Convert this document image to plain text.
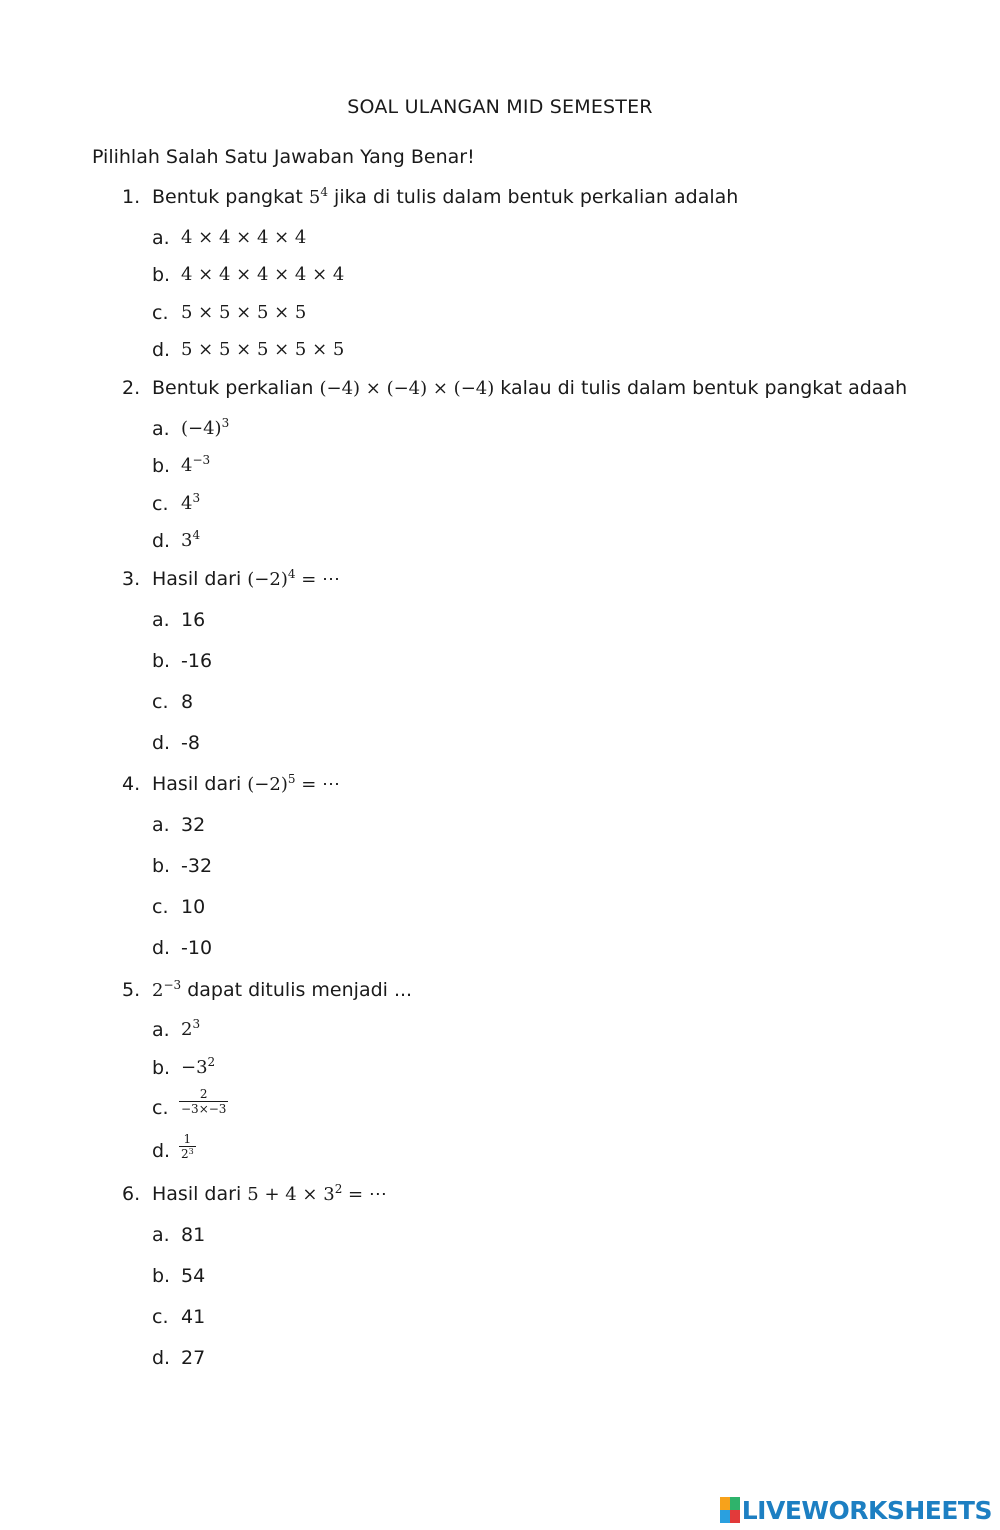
SOAL ULANGAN MID SEMESTER
Pilihlah Salah Satu Jawaban Yang Benar!
1. Bentuk pangkat $5^4$ jika di tulis dalam bentuk perkalian adalah
a. 4 × 4 × 4 × 4
b. 4 × 4 × 4 × 4 × 4
c. 5 × 5 × 5 × 5
d. 5 × 5 × 5 × 5 × 5
2. Bentuk perkalian (−4) × (−4) × (−4) kalau di tulis dalam bentuk pangkat adaah
a. $(-4)^3$
b. $4^{-3}$
c. $4^3$
d. $3^4$
3. Hasil dari $(-2)^4$ = ⋯
a. 16
b. -16
c. 8
d. -8
4. Hasil dari $(-2)^5$ = ⋯
a. 32
b. -32
c. 10
d. -10
5. $2^{-3}$ dapat ditulis menjadi ...
a. $2^3$
b. $-3^2$
c. $\frac{2}{-3\times-3}$
d. $\frac{1}{2^3}$
6. Hasil dari $5 + 4 \times 3^2$ = ⋯
a. 81
b. 54
c. 41
d. 27
LIVEWORKSHEETS
